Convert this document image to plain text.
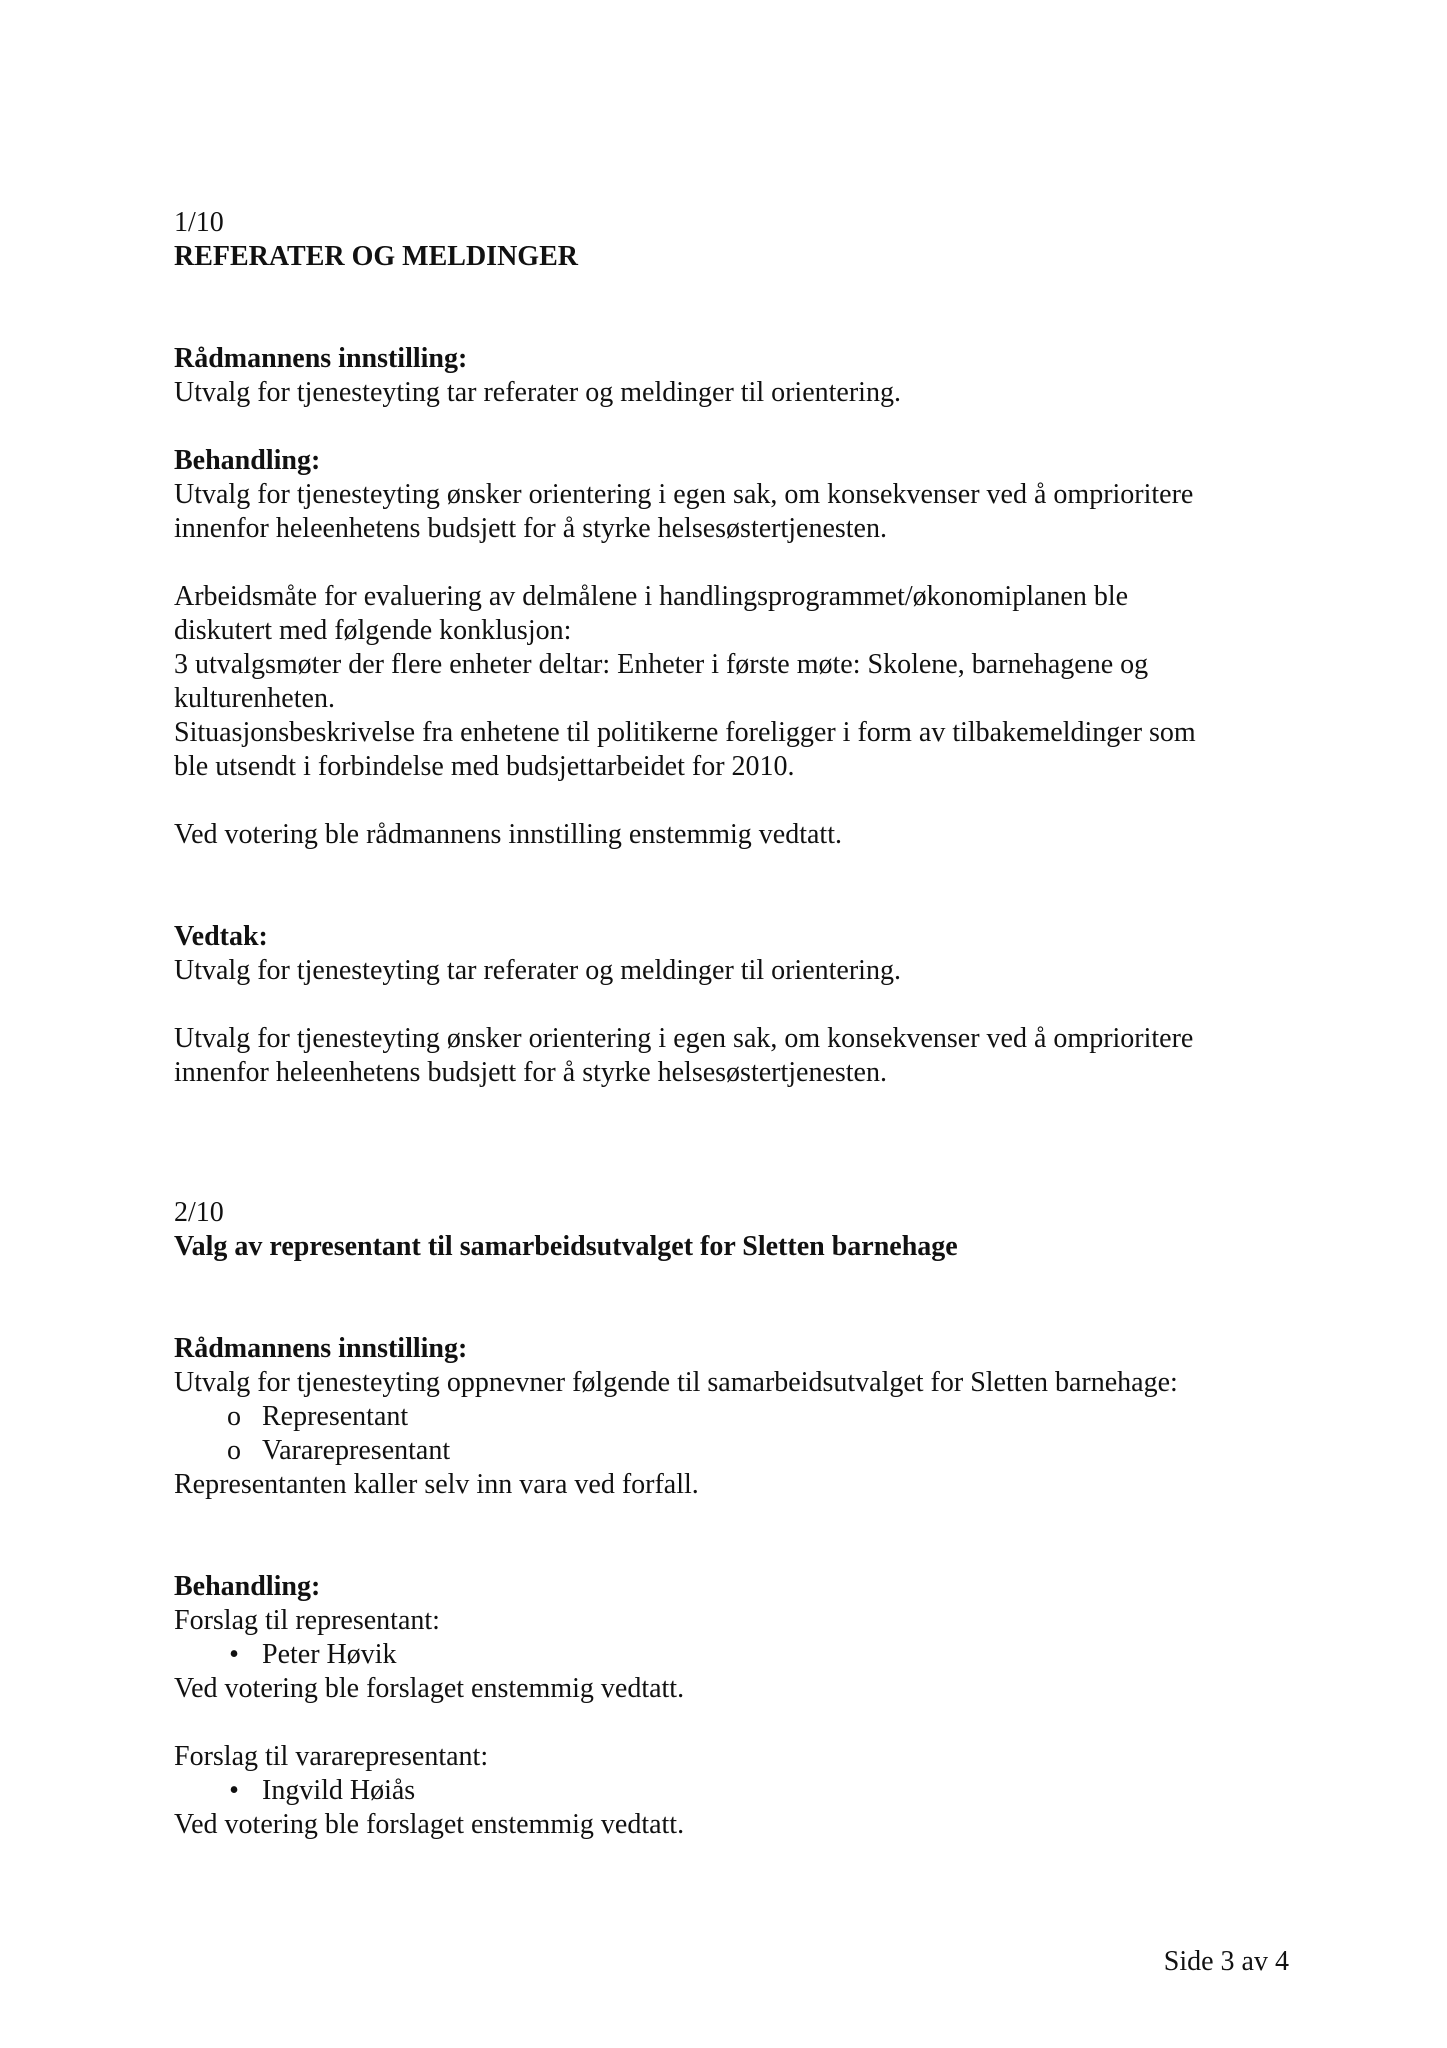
1/10
REFERATER OG MELDINGER
Rådmannens innstilling:
Utvalg for tjenesteyting tar referater og meldinger til orientering.
Behandling:
Utvalg for tjenesteyting ønsker orientering i egen sak, om konsekvenser ved å omprioritere
innenfor heleenhetens budsjett for å styrke helsesøstertjenesten.
Arbeidsmåte for evaluering av delmålene i handlingsprogrammet/økonomiplanen ble
diskutert med følgende konklusjon:
3 utvalgsmøter der flere enheter deltar: Enheter i første møte: Skolene, barnehagene og
kulturenheten.
Situasjonsbeskrivelse fra enhetene til politikerne foreligger i form av tilbakemeldinger som
ble utsendt i forbindelse med budsjettarbeidet for 2010.
Ved votering ble rådmannens innstilling enstemmig vedtatt.
Vedtak:
Utvalg for tjenesteyting tar referater og meldinger til orientering.
Utvalg for tjenesteyting ønsker orientering i egen sak, om konsekvenser ved å omprioritere
innenfor heleenhetens budsjett for å styrke helsesøstertjenesten.
2/10
Valg av representant til samarbeidsutvalget for Sletten barnehage
Rådmannens innstilling:
Utvalg for tjenesteyting oppnevner følgende til samarbeidsutvalget for Sletten barnehage:
o Representant
o Vararepresentant
Representanten kaller selv inn vara ved forfall.
Behandling:
Forslag til representant:
• Peter Høvik
Ved votering ble forslaget enstemmig vedtatt.
Forslag til vararepresentant:
• Ingvild Høiås
Ved votering ble forslaget enstemmig vedtatt.
Side 3 av 4
